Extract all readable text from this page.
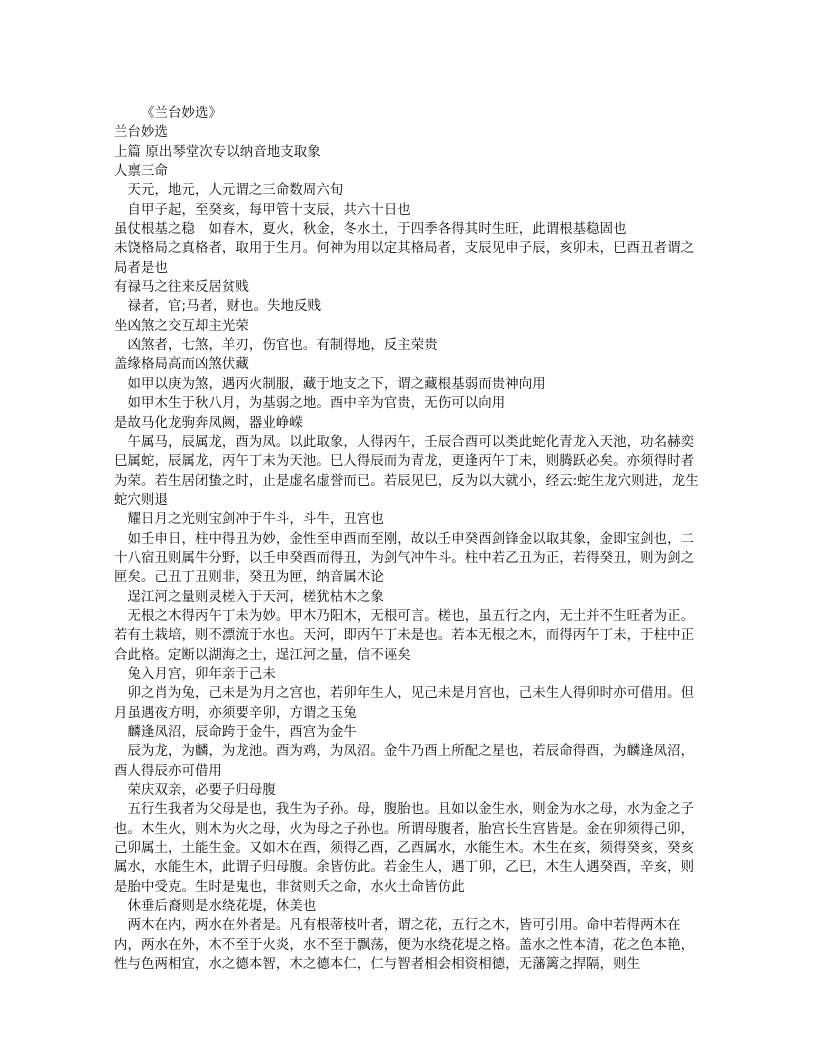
《兰台妙选》

兰台妙选

上篇 原出琴堂次专以纳音地支取象

人禀三命

天元，地元，人元谓之三命数周六旬

自甲子起，至癸亥，每甲管十支辰，共六十日也

虽仗根基之稳　如春木，夏火，秋金，冬水土，于四季各得其时生旺，此谓根基稳固也

未饶格局之真格者，取用于生月。何神为用以定其格局者，支辰见申子辰，亥卯未，巳酉丑者谓之局者是也

有禄马之往来反居贫贱

禄者，官;马者，财也。失地反贱

坐凶煞之交互却主光荣

凶煞者，七煞，羊刃，伤官也。有制得地，反主荣贵

盖缘格局高而凶煞伏藏

如甲以庚为煞，遇丙火制服，藏于地支之下，谓之藏根基弱而贵神向用

如甲木生于秋八月，为基弱之地。酉中辛为官贵，无伤可以向用

是故马化龙驹奔凤阙，器业峥嵘

午属马，辰属龙，酉为凤。以此取象，人得丙午，壬辰合酉可以类此蛇化青龙入天池，功名赫奕

巳属蛇，辰属龙，丙午丁未为天池。巳人得辰而为青龙，更逢丙午丁未，则腾跃必矣。亦须得时者为荣。若生居闭蛰之时，止是虚名虚誉而已。若辰见巳，反为以大就小，经云:蛇生龙穴则进，龙生蛇穴则退

耀日月之光则宝剑冲于牛斗，斗牛，丑宫也

如壬申日，柱中得丑为妙，金性至申酉而至刚，故以壬申癸酉剑锋金以取其象，金即宝剑也，二十八宿丑则属牛分野，以壬申癸酉而得丑，为剑气冲牛斗。柱中若乙丑为正，若得癸丑，则为剑之匣矣。己丑丁丑则非，癸丑为匣，纳音属木论

逞江河之量则灵槎入于天河，槎犹枯木之象

无根之木得丙午丁未为妙。甲木乃阳木，无根可言。槎也，虽五行之内，无土并不生旺者为正。若有土栽培，则不漂流于水也。天河，即丙午丁未是也。若本无根之木，而得丙午丁未，于柱中正合此格。定断以湖海之士，逞江河之量，信不诬矣

兔入月宫，卯年亲于己未

卯之肖为兔，己未是为月之宫也，若卯年生人，见己未是月宫也，己未生人得卯时亦可借用。但月虽遇夜方明，亦须要辛卯，方谓之玉兔

麟逢凤沼，辰命跨于金牛，酉宫为金牛

辰为龙，为麟，为龙池。酉为鸡，为凤沼。金牛乃酉上所配之星也，若辰命得酉，为麟逢凤沼，酉人得辰亦可借用

荣庆双亲，必要子归母腹

五行生我者为父母是也，我生为子孙。母，腹胎也。且如以金生水，则金为水之母，水为金之子也。木生火，则木为火之母，火为母之子孙也。所谓母腹者，胎宫长生宫皆是。金在卯须得己卯，己卯属土，土能生金。又如木在酉，须得乙酉，乙酉属水，水能生木。木生在亥，须得癸亥，癸亥属水，水能生木，此谓子归母腹。余皆仿此。若金生人，遇丁卯，乙巳，木生人遇癸酉，辛亥，则是胎中受克。生时是鬼也，非贫则夭之命，水火土命皆仿此

休垂后裔则是水绕花堤，休美也

两木在内，两水在外者是。凡有根蒂枝叶者，谓之花，五行之木，皆可引用。命中若得两木在内，两水在外，木不至于火炎，水不至于飘荡，便为水绕花堤之格。盖水之性本清，花之色本艳，性与色两相宜，水之德本智，木之德本仁，仁与智者相会相资相德，无藩篱之捍隔，则生
